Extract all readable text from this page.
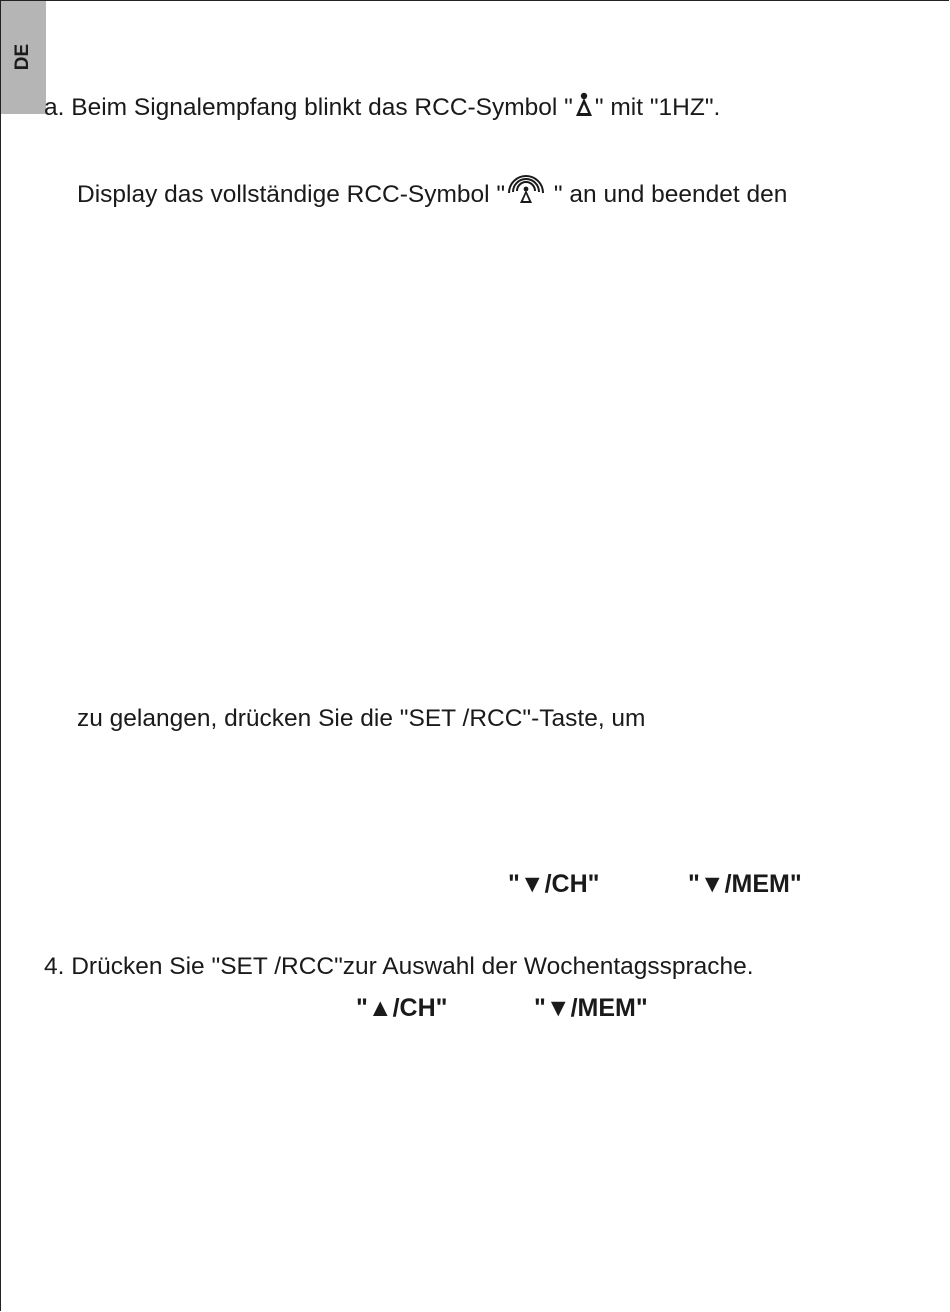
DE
a. Beim Signalempfang blinkt das RCC-Symbol " " mit "1HZ".
Display das vollständige RCC-Symbol " " an und beendet den
zu gelangen, drücken Sie die "SET /RCC"-Taste, um
"▼/CH"	"▼/MEM"
4. Drücken Sie "SET /RCC"zur Auswahl der Wochentagssprache.
"▲/CH"	"▼/MEM"
